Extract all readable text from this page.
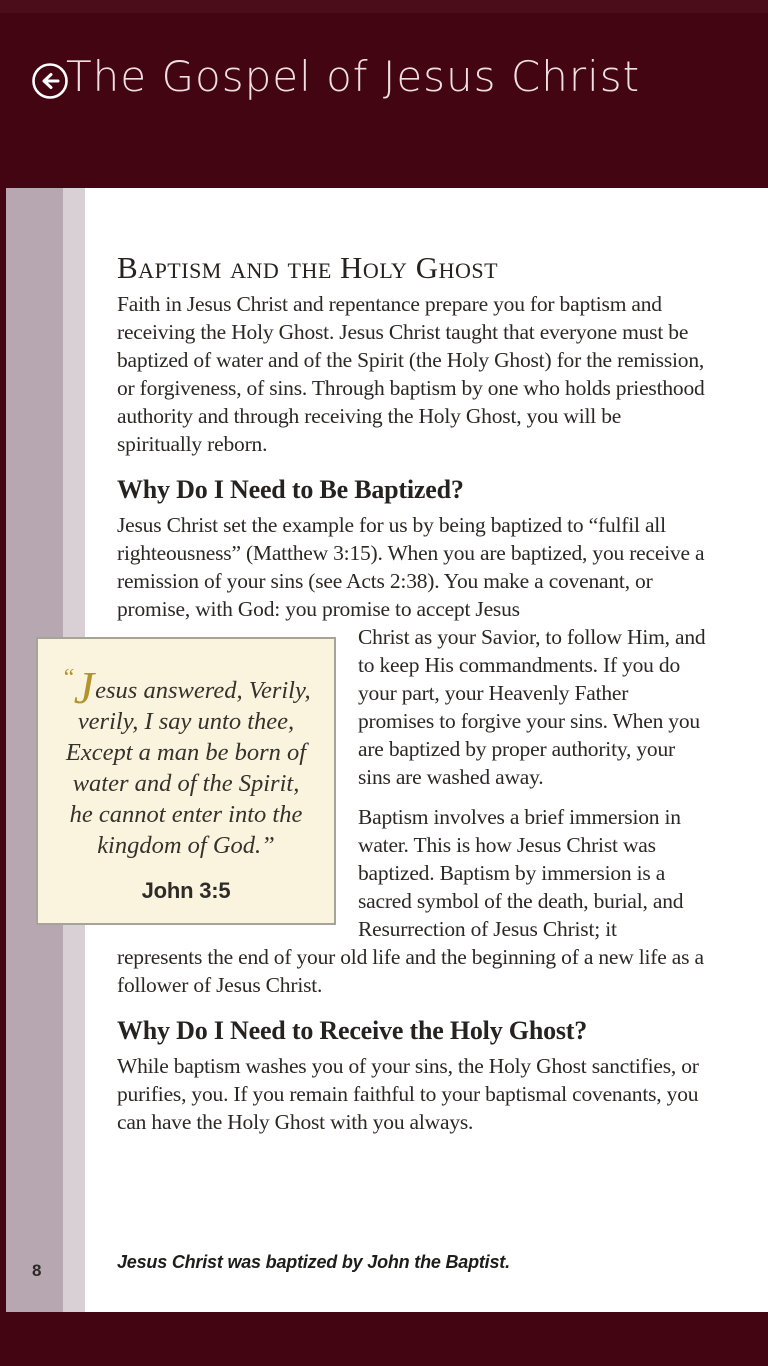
The Gospel of Jesus Christ
Baptism and the Holy Ghost

Faith in Jesus Christ and repentance prepare you for baptism and receiving the Holy Ghost. Jesus Christ taught that everyone must be baptized of water and of the Spirit (the Holy Ghost) for the remission, or forgiveness, of sins. Through baptism by one who holds priesthood authority and through receiving the Holy Ghost, you will be spiritually reborn.

Why Do I Need to Be Baptized?

Jesus Christ set the example for us by being baptized to “fulfil all righteousness” (Matthew 3:15). When you are baptized, you receive a remission of your sins (see Acts 2:38). You make a covenant, or promise, with God: you promise to accept Jesus

“Jesus answered, Verily,
verily, I say unto thee,
Except a man be born of
water and of the Spirit,
he cannot enter into the
kingdom of God.”
John 3:5

Christ as your Savior, to follow Him, and to keep His commandments. If you do your part, your Heavenly Father promises to forgive your sins. When you are baptized by proper authority, your sins are washed away.

Baptism involves a brief immersion in water. This is how Jesus Christ was baptized. Baptism by immersion is a sacred symbol of the death, burial, and Resurrection of Jesus Christ; it represents the end of your old life and the beginning of a new life as a follower of Jesus Christ.

Why Do I Need to Receive the Holy Ghost?

While baptism washes you of your sins, the Holy Ghost sanctifies, or purifies, you. If you remain faithful to your baptismal covenants, you can have the Holy Ghost with you always.

8	Jesus Christ was baptized by John the Baptist.
